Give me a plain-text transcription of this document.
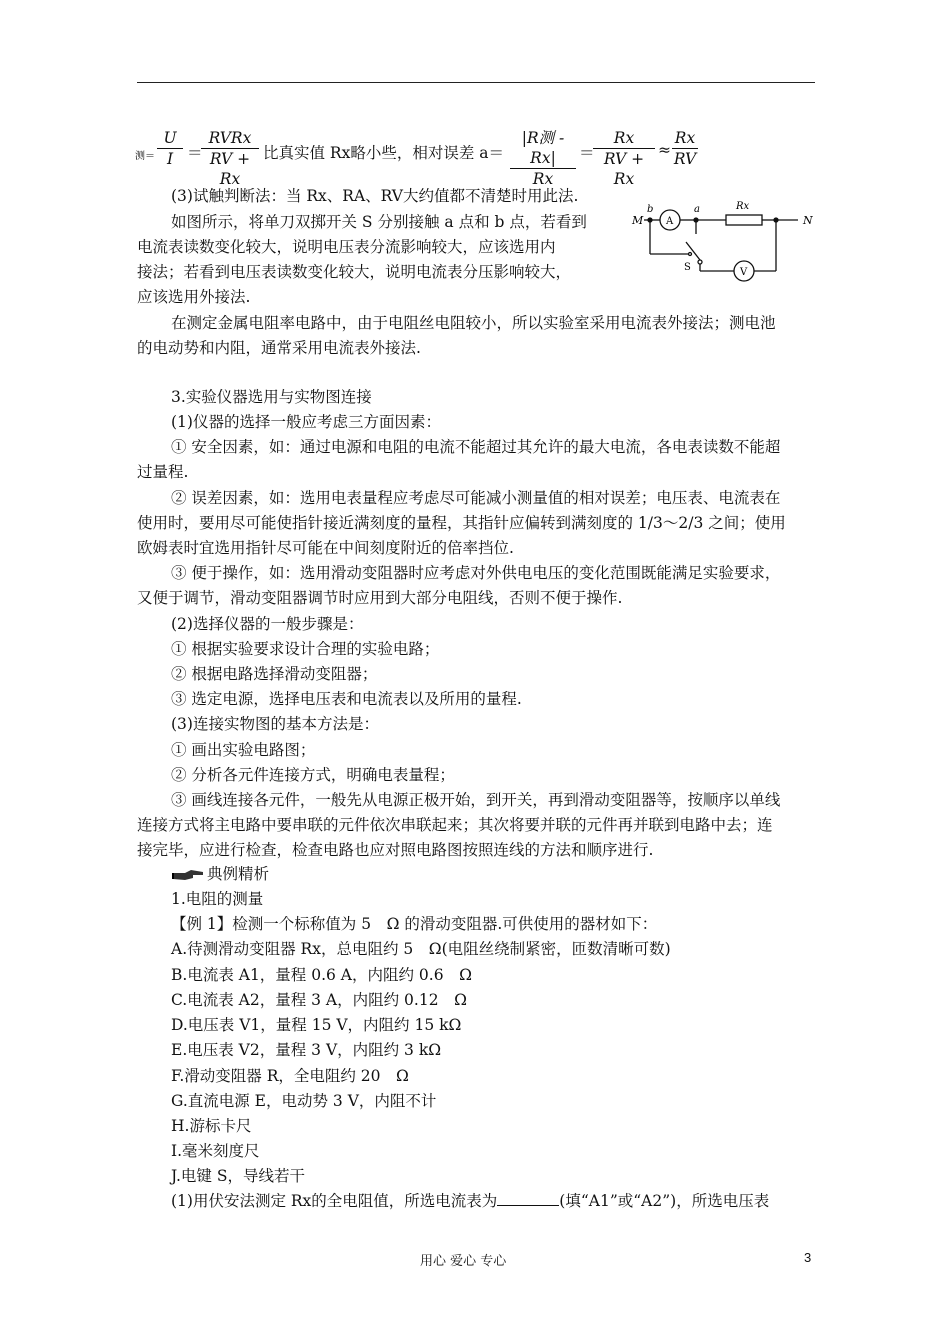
测＝ $\frac{U}{I}$ ＝
RVRx
RV + Rx
比真实值 Rx略小些，相对误差 a＝
|R测 - Rx|
Rx
＝
$\frac{Rx}{RV + Rx} \approx \frac{Rx}{RV}$
M	N
b	a	Rx
A
V
S
(3)试触判断法：当 Rx、RA、RV大约值都不清楚时用此法.
如图所示，将单刀双掷开关 S 分别接触 a 点和 b 点，若看到
电流表读数变化较大，说明电压表分流影响较大，应该选用内
接法；若看到电压表读数变化较大，说明电流表分压影响较大，
应该选用外接法.
在测定金属电阻率电路中，由于电阻丝电阻较小，所以实验室采用电流表外接法；测电池
的电动势和内阻，通常采用电流表外接法.
3.实验仪器选用与实物图连接
(1)仪器的选择一般应考虑三方面因素：
① 安全因素，如：通过电源和电阻的电流不能超过其允许的最大电流，各电表读数不能超
过量程.
② 误差因素，如：选用电表量程应考虑尽可能减小测量值的相对误差；电压表、电流表在
使用时，要用尽可能使指针接近满刻度的量程，其指针应偏转到满刻度的 1/3～2/3 之间；使用
欧姆表时宜选用指针尽可能在中间刻度附近的倍率挡位.
③ 便于操作，如：选用滑动变阻器时应考虑对外供电电压的变化范围既能满足实验要求，
又便于调节，滑动变阻器调节时应用到大部分电阻线，否则不便于操作.
(2)选择仪器的一般步骤是：
① 根据实验要求设计合理的实验电路；
② 根据电路选择滑动变阻器；
③ 选定电源，选择电压表和电流表以及所用的量程.
(3)连接实物图的基本方法是：
① 画出实验电路图；
② 分析各元件连接方式，明确电表量程；
③ 画线连接各元件，一般先从电源正极开始，到开关，再到滑动变阻器等，按顺序以单线
连接方式将主电路中要串联的元件依次串联起来；其次将要并联的元件再并联到电路中去；连
接完毕，应进行检查，检查电路也应对照电路图按照连线的方法和顺序进行.
典例精析
1.电阻的测量
【例 1】检测一个标称值为 5　Ω 的滑动变阻器.可供使用的器材如下：
A.待测滑动变阻器 Rx，总电阻约 5　Ω(电阻丝绕制紧密，匝数清晰可数)
B.电流表 A1，量程 0.6 A，内阻约 0.6　Ω
C.电流表 A2，量程 3 A，内阻约 0.12　Ω
D.电压表 V1，量程 15 V，内阻约 15 kΩ
E.电压表 V2，量程 3 V，内阻约 3 kΩ
F.滑动变阻器 R，全电阻约 20　Ω
G.直流电源 E，电动势 3 V，内阻不计
H.游标卡尺
I.毫米刻度尺
J.电键 S，导线若干
(1)用伏安法测定 Rx的全电阻值，所选电流表为	(填“A1”或“A2”)，所选电压表
用心 爱心 专心	3
